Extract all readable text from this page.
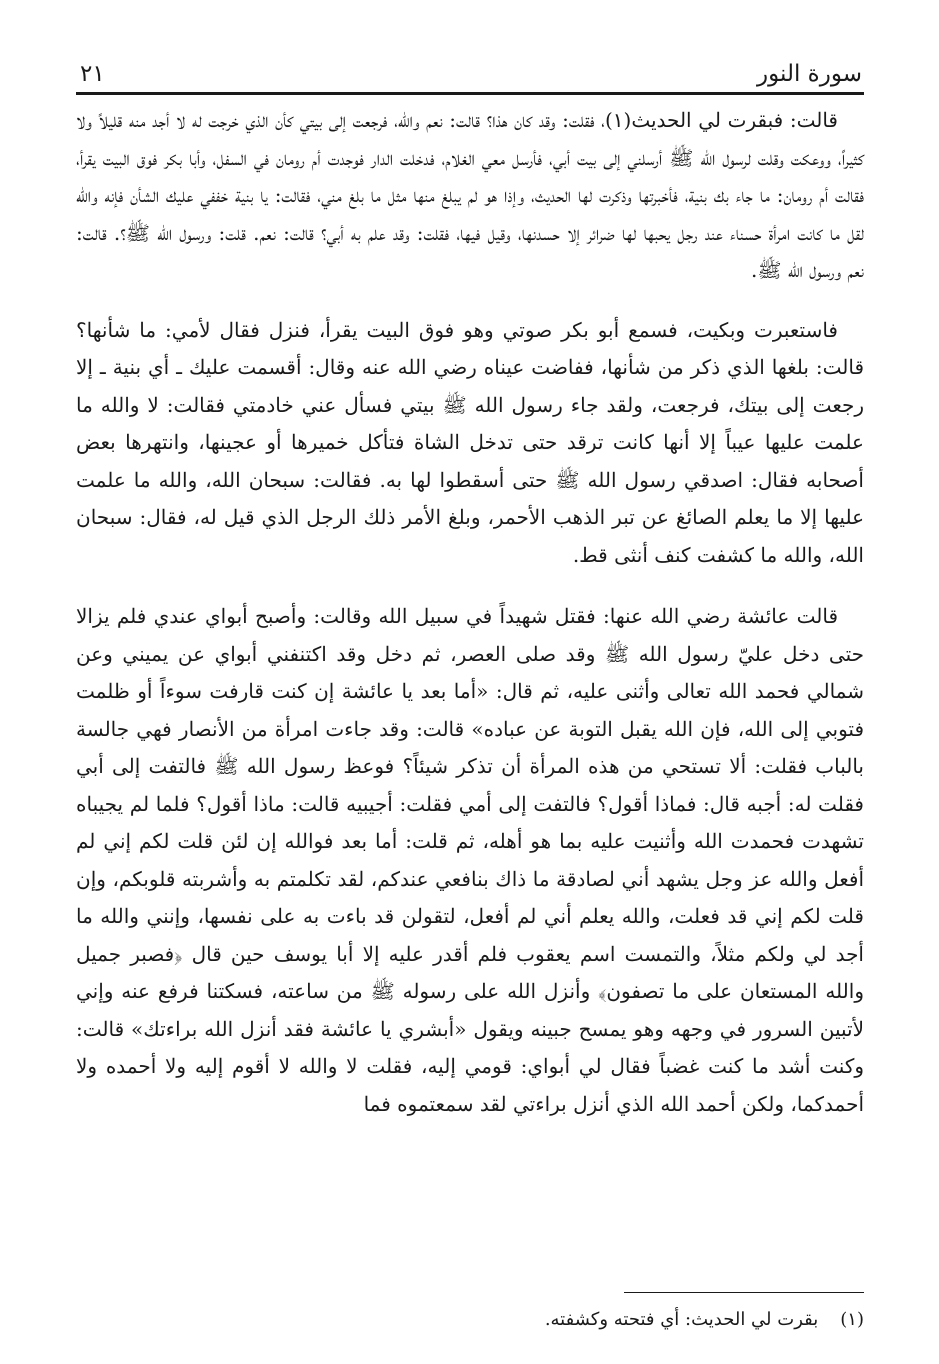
سورة النور
٢١

قالت: فبقرت لي الحديث(١)، فقلت: وقد كان هذا؟ قالت: نعم والله، فرجعت إلى بيتي كأن الذي خرجت له لا أجد منه قليلاً ولا كثيراً، ووعكت وقلت لرسول الله ﷺ أرسلني إلى بيت أبي، فأرسل معي الغلام، فدخلت الدار فوجدت أم رومان في السفل، وأبا بكر فوق البيت يقرأ، فقالت أم رومان: ما جاء بك بنية، فأخبرتها وذكرت لها الحديث، وإذا هو لم يبلغ منها مثل ما بلغ مني، فقالت: يا بنية خففي عليك الشأن فإنه والله لقل ما كانت امرأة حسناء عند رجل يحبها لها ضرائر إلا حسدنها، وقيل فيها، فقلت: وقد علم به أبي؟ قالت: نعم. قلت: ورسول الله ﷺ؟. قالت: نعم ورسول الله ﷺ.

فاستعبرت وبكيت، فسمع أبو بكر صوتي وهو فوق البيت يقرأ، فنزل فقال لأمي: ما شأنها؟ قالت: بلغها الذي ذكر من شأنها، ففاضت عيناه رضي الله عنه وقال: أقسمت عليك ـ أي بنية ـ إلا رجعت إلى بيتك، فرجعت، ولقد جاء رسول الله ﷺ بيتي فسأل عني خادمتي فقالت: لا والله ما علمت عليها عيباً إلا أنها كانت ترقد حتى تدخل الشاة فتأكل خميرها أو عجينها، وانتهرها بعض أصحابه فقال: اصدقي رسول الله ﷺ حتى أسقطوا لها به. فقالت: سبحان الله، والله ما علمت عليها إلا ما يعلم الصائغ عن تبر الذهب الأحمر، وبلغ الأمر ذلك الرجل الذي قيل له، فقال: سبحان الله، والله ما كشفت كنف أنثى قط.

قالت عائشة رضي الله عنها: فقتل شهيداً في سبيل الله وقالت: وأصبح أبواي عندي فلم يزالا حتى دخل عليّ رسول الله ﷺ وقد صلى العصر، ثم دخل وقد اكتنفني أبواي عن يميني وعن شمالي فحمد الله تعالى وأثنى عليه، ثم قال: «أما بعد يا عائشة إن كنت قارفت سوءاً أو ظلمت فتوبي إلى الله، فإن الله يقبل التوبة عن عباده» قالت: وقد جاءت امرأة من الأنصار فهي جالسة بالباب فقلت: ألا تستحي من هذه المرأة أن تذكر شيئاً؟ فوعظ رسول الله ﷺ فالتفت إلى أبي فقلت له: أجبه قال: فماذا أقول؟ فالتفت إلى أمي فقلت: أجيبيه قالت: ماذا أقول؟ فلما لم يجيباه تشهدت فحمدت الله وأثنيت عليه بما هو أهله، ثم قلت: أما بعد فوالله إن لئن قلت لكم إني لم أفعل والله عز وجل يشهد أني لصادقة ما ذاك بنافعي عندكم، لقد تكلمتم به وأشربته قلوبكم، وإن قلت لكم إني قد فعلت، والله يعلم أني لم أفعل، لتقولن قد باءت به على نفسها، وإنني والله ما أجد لي ولكم مثلاً، والتمست اسم يعقوب فلم أقدر عليه إلا أبا يوسف حين قال ﴿فصبر جميل والله المستعان على ما تصفون﴾ وأنزل الله على رسوله ﷺ من ساعته، فسكتنا فرفع عنه وإني لأتبين السرور في وجهه وهو يمسح جبينه ويقول «أبشري يا عائشة فقد أنزل الله براءتك» قالت: وكنت أشد ما كنت غضباً فقال لي أبواي: قومي إليه، فقلت لا والله لا أقوم إليه ولا أحمده ولا أحمدكما، ولكن أحمد الله الذي أنزل براءتي لقد سمعتموه فما

(١)بقرت لي الحديث: أي فتحته وكشفته.
